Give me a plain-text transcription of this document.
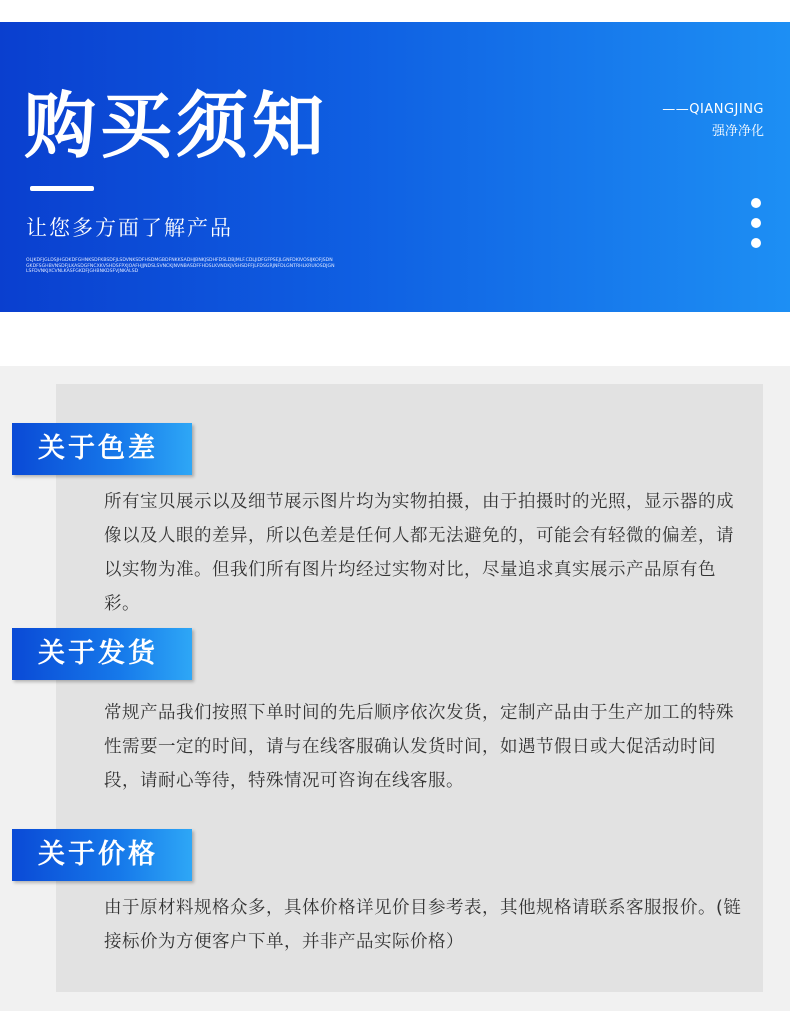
购买须知
让您多方面了解产品
OLJKDFJGLDSJHGDKDFGHNKSDFKBSDFJLSDVNKSDFHSDMGBDFNKKSADHJBNKJSDHFDSLDBJMLF.CDLJIDFGFPSEJLGNFDKIVOSIJKOFJSDNGKDFSGHBVNSDFJLKASDGFNCXKVSHDSFPXJOAFHJJNDSLSVNCKJNVNBASDFFHDSLKVNDKJVSHSDFFJLFDSGRJNFDLGNTRHLKRUIOSDJGNLSFDVNKJXCVNLKASFGKDFJGHBNKDSFVJNKALSD
——QIANGJING
强净净化
关于色差
所有宝贝展示以及细节展示图片均为实物拍摄，由于拍摄时的光照，显示器的成像以及人眼的差异，所以色差是任何人都无法避免的，可能会有轻微的偏差，请以实物为准。但我们所有图片均经过实物对比，尽量追求真实展示产品原有色彩。
关于发货
常规产品我们按照下单时间的先后顺序依次发货，定制产品由于生产加工的特殊性需要一定的时间，请与在线客服确认发货时间，如遇节假日或大促活动时间段，请耐心等待，特殊情况可咨询在线客服。
关于价格
由于原材料规格众多，具体价格详见价目参考表，其他规格请联系客服报价。(链接标价为方便客户下单，并非产品实际价格）
